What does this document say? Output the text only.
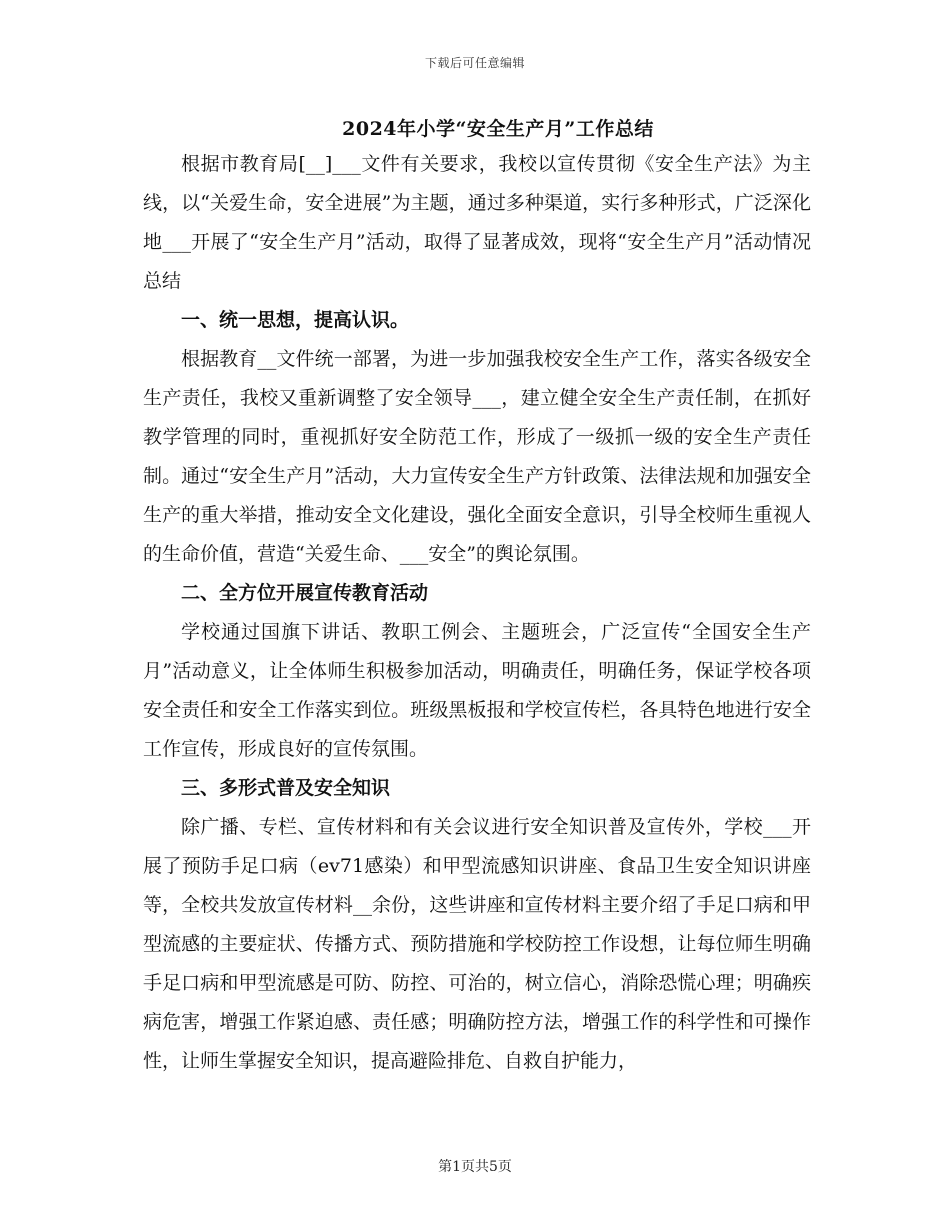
下载后可任意编辑
2024年小学“安全生产月”工作总结

根据市教育局[__]___文件有关要求，我校以宣传贯彻《安全生产法》为主线，以“关爱生命，安全进展”为主题，通过多种渠道，实行多种形式，广泛深化地___开展了“安全生产月”活动，取得了显著成效，现将“安全生产月”活动情况总结

一、统一思想，提高认识。

根据教育__文件统一部署，为进一步加强我校安全生产工作，落实各级安全生产责任，我校又重新调整了安全领导___，建立健全安全生产责任制，在抓好教学管理的同时，重视抓好安全防范工作，形成了一级抓一级的安全生产责任制。通过“安全生产月”活动，大力宣传安全生产方针政策、法律法规和加强安全生产的重大举措，推动安全文化建设，强化全面安全意识，引导全校师生重视人的生命价值，营造“关爱生命、___安全”的舆论氛围。

二、全方位开展宣传教育活动

学校通过国旗下讲话、教职工例会、主题班会，广泛宣传“全国安全生产月”活动意义，让全体师生积极参加活动，明确责任，明确任务，保证学校各项安全责任和安全工作落实到位。班级黑板报和学校宣传栏，各具特色地进行安全工作宣传，形成良好的宣传氛围。

三、多形式普及安全知识

除广播、专栏、宣传材料和有关会议进行安全知识普及宣传外，学校___开展了预防手足口病（ev71感染）和甲型流感知识讲座、食品卫生安全知识讲座等，全校共发放宣传材料__余份，这些讲座和宣传材料主要介绍了手足口病和甲型流感的主要症状、传播方式、预防措施和学校防控工作设想，让每位师生明确手足口病和甲型流感是可防、防控、可治的，树立信心，消除恐慌心理；明确疾病危害，增强工作紧迫感、责任感；明确防控方法，增强工作的科学性和可操作性，让师生掌握安全知识，提高避险排危、自救自护能力，

第1页共5页
